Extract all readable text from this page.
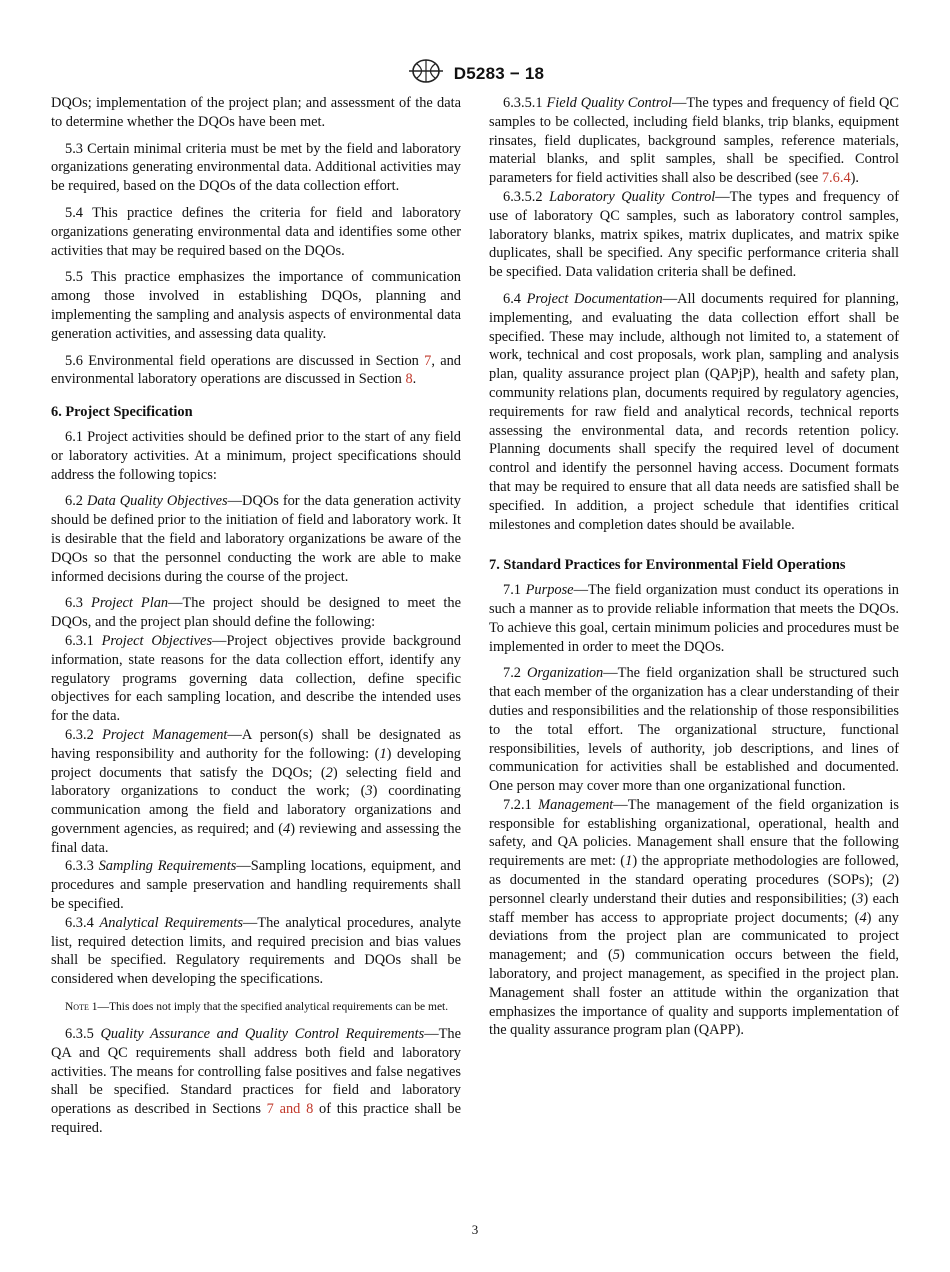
D5283 − 18

DQOs; implementation of the project plan; and assessment of the data to determine whether the DQOs have been met.

5.3 Certain minimal criteria must be met by the field and laboratory organizations generating environmental data. Additional activities may be required, based on the DQOs of the data collection effort.

5.4 This practice defines the criteria for field and laboratory organizations generating environmental data and identifies some other activities that may be required based on the DQOs.

5.5 This practice emphasizes the importance of communication among those involved in establishing DQOs, planning and implementing the sampling and analysis aspects of environmental data generation activities, and assessing data quality.

5.6 Environmental field operations are discussed in Section 7, and environmental laboratory operations are discussed in Section 8.

6. Project Specification

6.1 Project activities should be defined prior to the start of any field or laboratory activities. At a minimum, project specifications should address the following topics:

6.2 Data Quality Objectives—DQOs for the data generation activity should be defined prior to the initiation of field and laboratory work. It is desirable that the field and laboratory organizations be aware of the DQOs so that the personnel conducting the work are able to make informed decisions during the course of the project.

6.3 Project Plan—The project should be designed to meet the DQOs, and the project plan should define the following:

6.3.1 Project Objectives—Project objectives provide background information, state reasons for the data collection effort, identify any regulatory programs governing data collection, define specific objectives for each sampling location, and describe the intended uses for the data.

6.3.2 Project Management—A person(s) shall be designated as having responsibility and authority for the following: (1) developing project documents that satisfy the DQOs; (2) selecting field and laboratory organizations to conduct the work; (3) coordinating communication among the field and laboratory organizations and government agencies, as required; and (4) reviewing and assessing the final data.

6.3.3 Sampling Requirements—Sampling locations, equipment, and procedures and sample preservation and handling requirements shall be specified.

6.3.4 Analytical Requirements—The analytical procedures, analyte list, required detection limits, and required precision and bias values shall be specified. Regulatory requirements and DQOs shall be considered when developing the specifications.

Note 1—This does not imply that the specified analytical requirements can be met.

6.3.5 Quality Assurance and Quality Control Requirements—The QA and QC requirements shall address both field and laboratory activities. The means for controlling false positives and false negatives shall be specified. Standard practices for field and laboratory operations as described in Sections 7 and 8 of this practice shall be required.

6.3.5.1 Field Quality Control—The types and frequency of field QC samples to be collected, including field blanks, trip blanks, equipment rinsates, field duplicates, background samples, reference materials, material blanks, and split samples, shall be specified. Control parameters for field activities shall also be described (see 7.6.4).

6.3.5.2 Laboratory Quality Control—The types and frequency of use of laboratory QC samples, such as laboratory control samples, laboratory blanks, matrix spikes, matrix duplicates, and matrix spike duplicates, shall be specified. Any specific performance criteria shall be specified. Data validation criteria shall be defined.

6.4 Project Documentation—All documents required for planning, implementing, and evaluating the data collection effort shall be specified. These may include, although not limited to, a statement of work, technical and cost proposals, work plan, sampling and analysis plan, quality assurance project plan (QAPjP), health and safety plan, community relations plan, documents required by regulatory agencies, requirements for raw field and analytical records, technical reports assessing the environmental data, and records retention policy. Planning documents shall specify the required level of document control and identify the personnel having access. Document formats that may be required to ensure that all data needs are satisfied shall be specified. In addition, a project schedule that identifies critical milestones and completion dates should be available.

7. Standard Practices for Environmental Field Operations

7.1 Purpose—The field organization must conduct its operations in such a manner as to provide reliable information that meets the DQOs. To achieve this goal, certain minimum policies and procedures must be implemented in order to meet the DQOs.

7.2 Organization—The field organization shall be structured such that each member of the organization has a clear understanding of their duties and responsibilities and the relationship of those responsibilities to the total effort. The organizational structure, functional responsibilities, levels of authority, job descriptions, and lines of communication for activities shall be established and documented. One person may cover more than one organizational function.

7.2.1 Management—The management of the field organization is responsible for establishing organizational, operational, health and safety, and QA policies. Management shall ensure that the following requirements are met: (1) the appropriate methodologies are followed, as documented in the standard operating procedures (SOPs); (2) personnel clearly understand their duties and responsibilities; (3) each staff member has access to appropriate project documents; (4) any deviations from the project plan are communicated to project management; and (5) communication occurs between the field, laboratory, and project management, as specified in the project plan. Management shall foster an attitude within the organization that emphasizes the importance of quality and supports implementation of the quality assurance program plan (QAPP).

3
